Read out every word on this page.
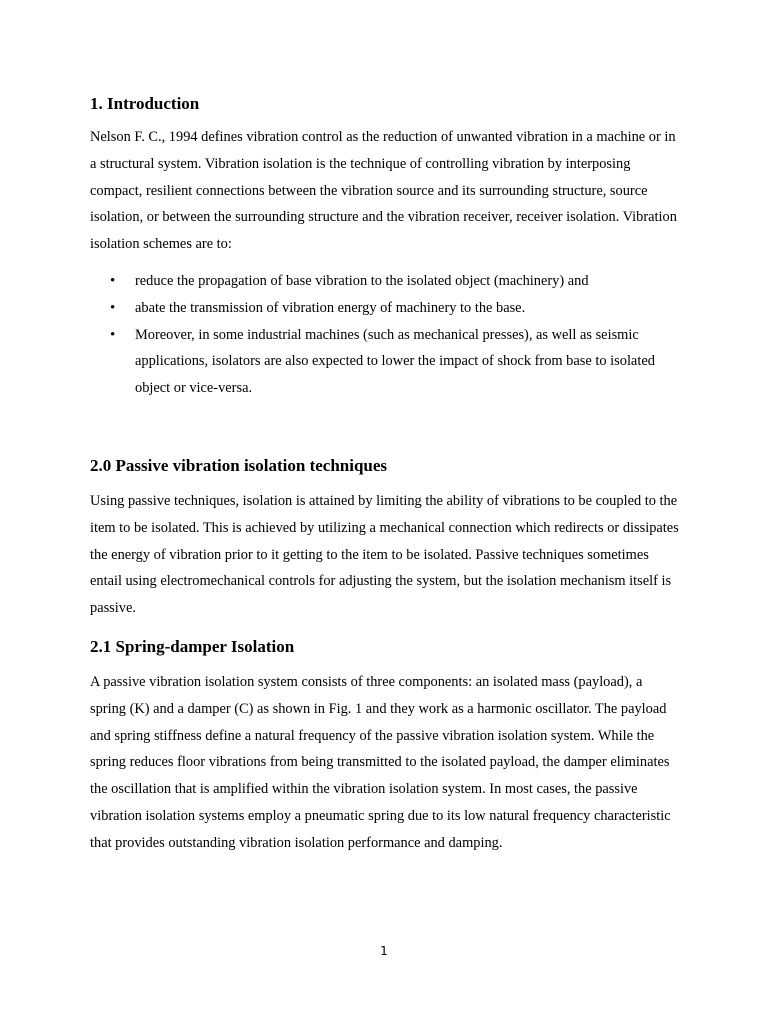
1. Introduction

Nelson F. C., 1994 defines vibration control as the reduction of unwanted vibration in a machine or in a structural system. Vibration isolation is the technique of controlling vibration by interposing compact, resilient connections between the vibration source and its surrounding structure, source isolation, or between the surrounding structure and the vibration receiver, receiver isolation. Vibration isolation schemes are to:

• reduce the propagation of base vibration to the isolated object (machinery) and
• abate the transmission of vibration energy of machinery to the base.
• Moreover, in some industrial machines (such as mechanical presses), as well as seismic applications, isolators are also expected to lower the impact of shock from base to isolated object or vice-versa.
2.0 Passive vibration isolation techniques

Using passive techniques, isolation is attained by limiting the ability of vibrations to be coupled to the item to be isolated. This is achieved by utilizing a mechanical connection which redirects or dissipates the energy of vibration prior to it getting to the item to be isolated. Passive techniques sometimes entail using electromechanical controls for adjusting the system, but the isolation mechanism itself is passive.

2.1 Spring-damper Isolation

A passive vibration isolation system consists of three components: an isolated mass (payload), a spring (K) and a damper (C) as shown in Fig. 1 and they work as a harmonic oscillator. The payload and spring stiffness define a natural frequency of the passive vibration isolation system. While the spring reduces floor vibrations from being transmitted to the isolated payload, the damper eliminates the oscillation that is amplified within the vibration isolation system. In most cases, the passive vibration isolation systems employ a pneumatic spring due to its low natural frequency characteristic that provides outstanding vibration isolation performance and damping.

1
